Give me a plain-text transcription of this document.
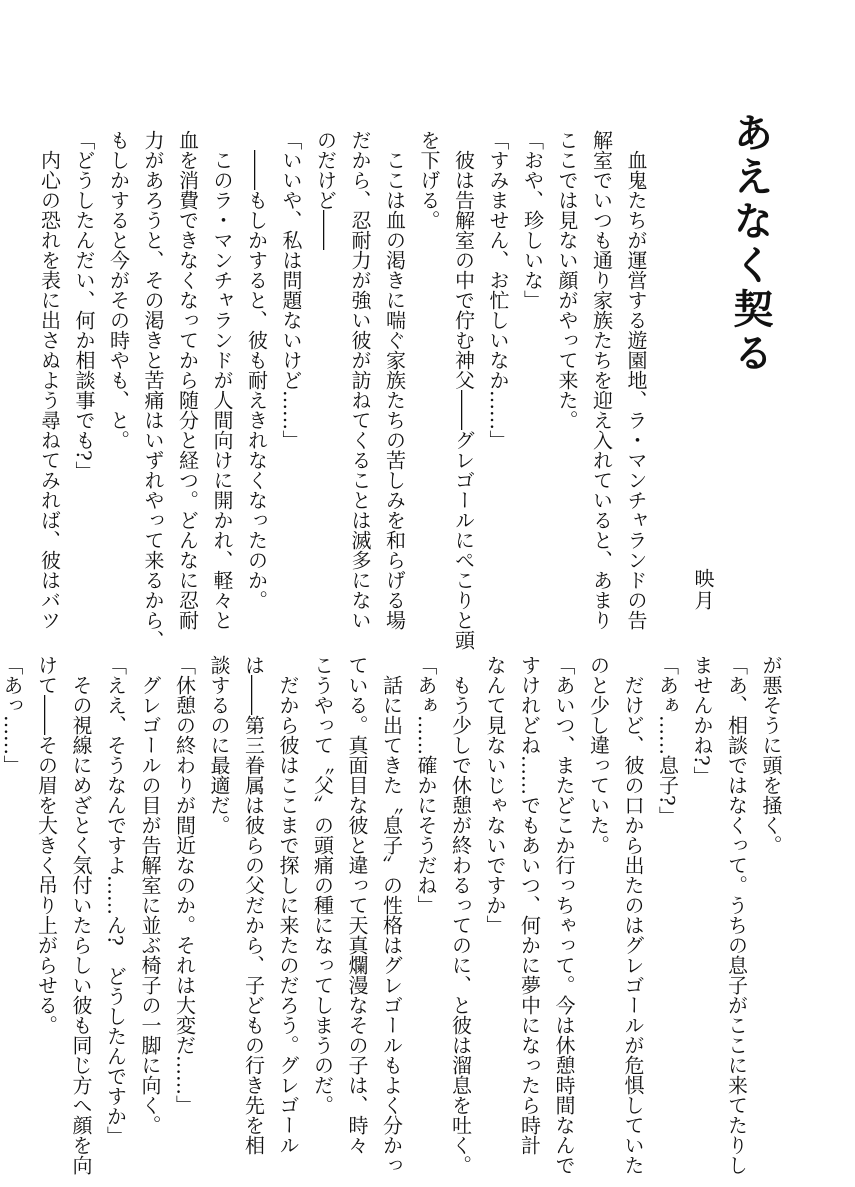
あえなく契る
映月
　血鬼たちが運営する遊園地、ラ・マンチャランドの告
解室でいつも通り家族たちを迎え入れていると、あまり
ここでは見ない顔がやって来た。
「おや、珍しいな」
「すみません、お忙しいなか……」
　彼は告解室の中で佇む神父――グレゴールにぺこりと頭
を下げる。
　ここは血の渇きに喘ぐ家族たちの苦しみを和らげる場
だから、忍耐力が強い彼が訪ねてくることは滅多にない
のだけど――
「いいや、私は問題ないけど……」
　――もしかすると、彼も耐えきれなくなったのか。
　このラ・マンチャランドが人間向けに開かれ、軽々と
血を消費できなくなってから随分と経つ。どんなに忍耐
力があろうと、その渇きと苦痛はいずれやって来るから、
もしかすると今がその時やも、と。
「どうしたんだい、何か相談事でも?」
　内心の恐れを表に出さぬよう尋ねてみれば、彼はバツ
が悪そうに頭を掻く。
「あ、相談ではなくって。うちの息子がここに来てたりし
ませんかね?」
「あぁ……息子?」
　だけど、彼の口から出たのはグレゴールが危惧していた
のと少し違っていた。
「あいつ、またどこか行っちゃって。今は休憩時間なんで
すけれどね……でもあいつ、何かに夢中になったら時計
なんて見ないじゃないですか」
　もう少しで休憩が終わるってのに、と彼は溜息を吐く。
「あぁ……確かにそうだね」
　話に出てきた〝息子〟の性格はグレゴールもよく分かっ
ている。真面目な彼と違って天真爛漫なその子は、時々
こうやって〝父〟の頭痛の種になってしまうのだ。
　だから彼はここまで探しに来たのだろう。グレゴール
は――第三眷属は彼らの父だから、子どもの行き先を相
談するのに最適だ。
「休憩の終わりが間近なのか。それは大変だ……」
　グレゴールの目が告解室に並ぶ椅子の一脚に向く。
「ええ、そうなんですよ……ん?　どうしたんですか」
　その視線にめざとく気付いたらしい彼も同じ方へ顔を向
けて――その眉を大きく吊り上がらせる。
「あっ……」
